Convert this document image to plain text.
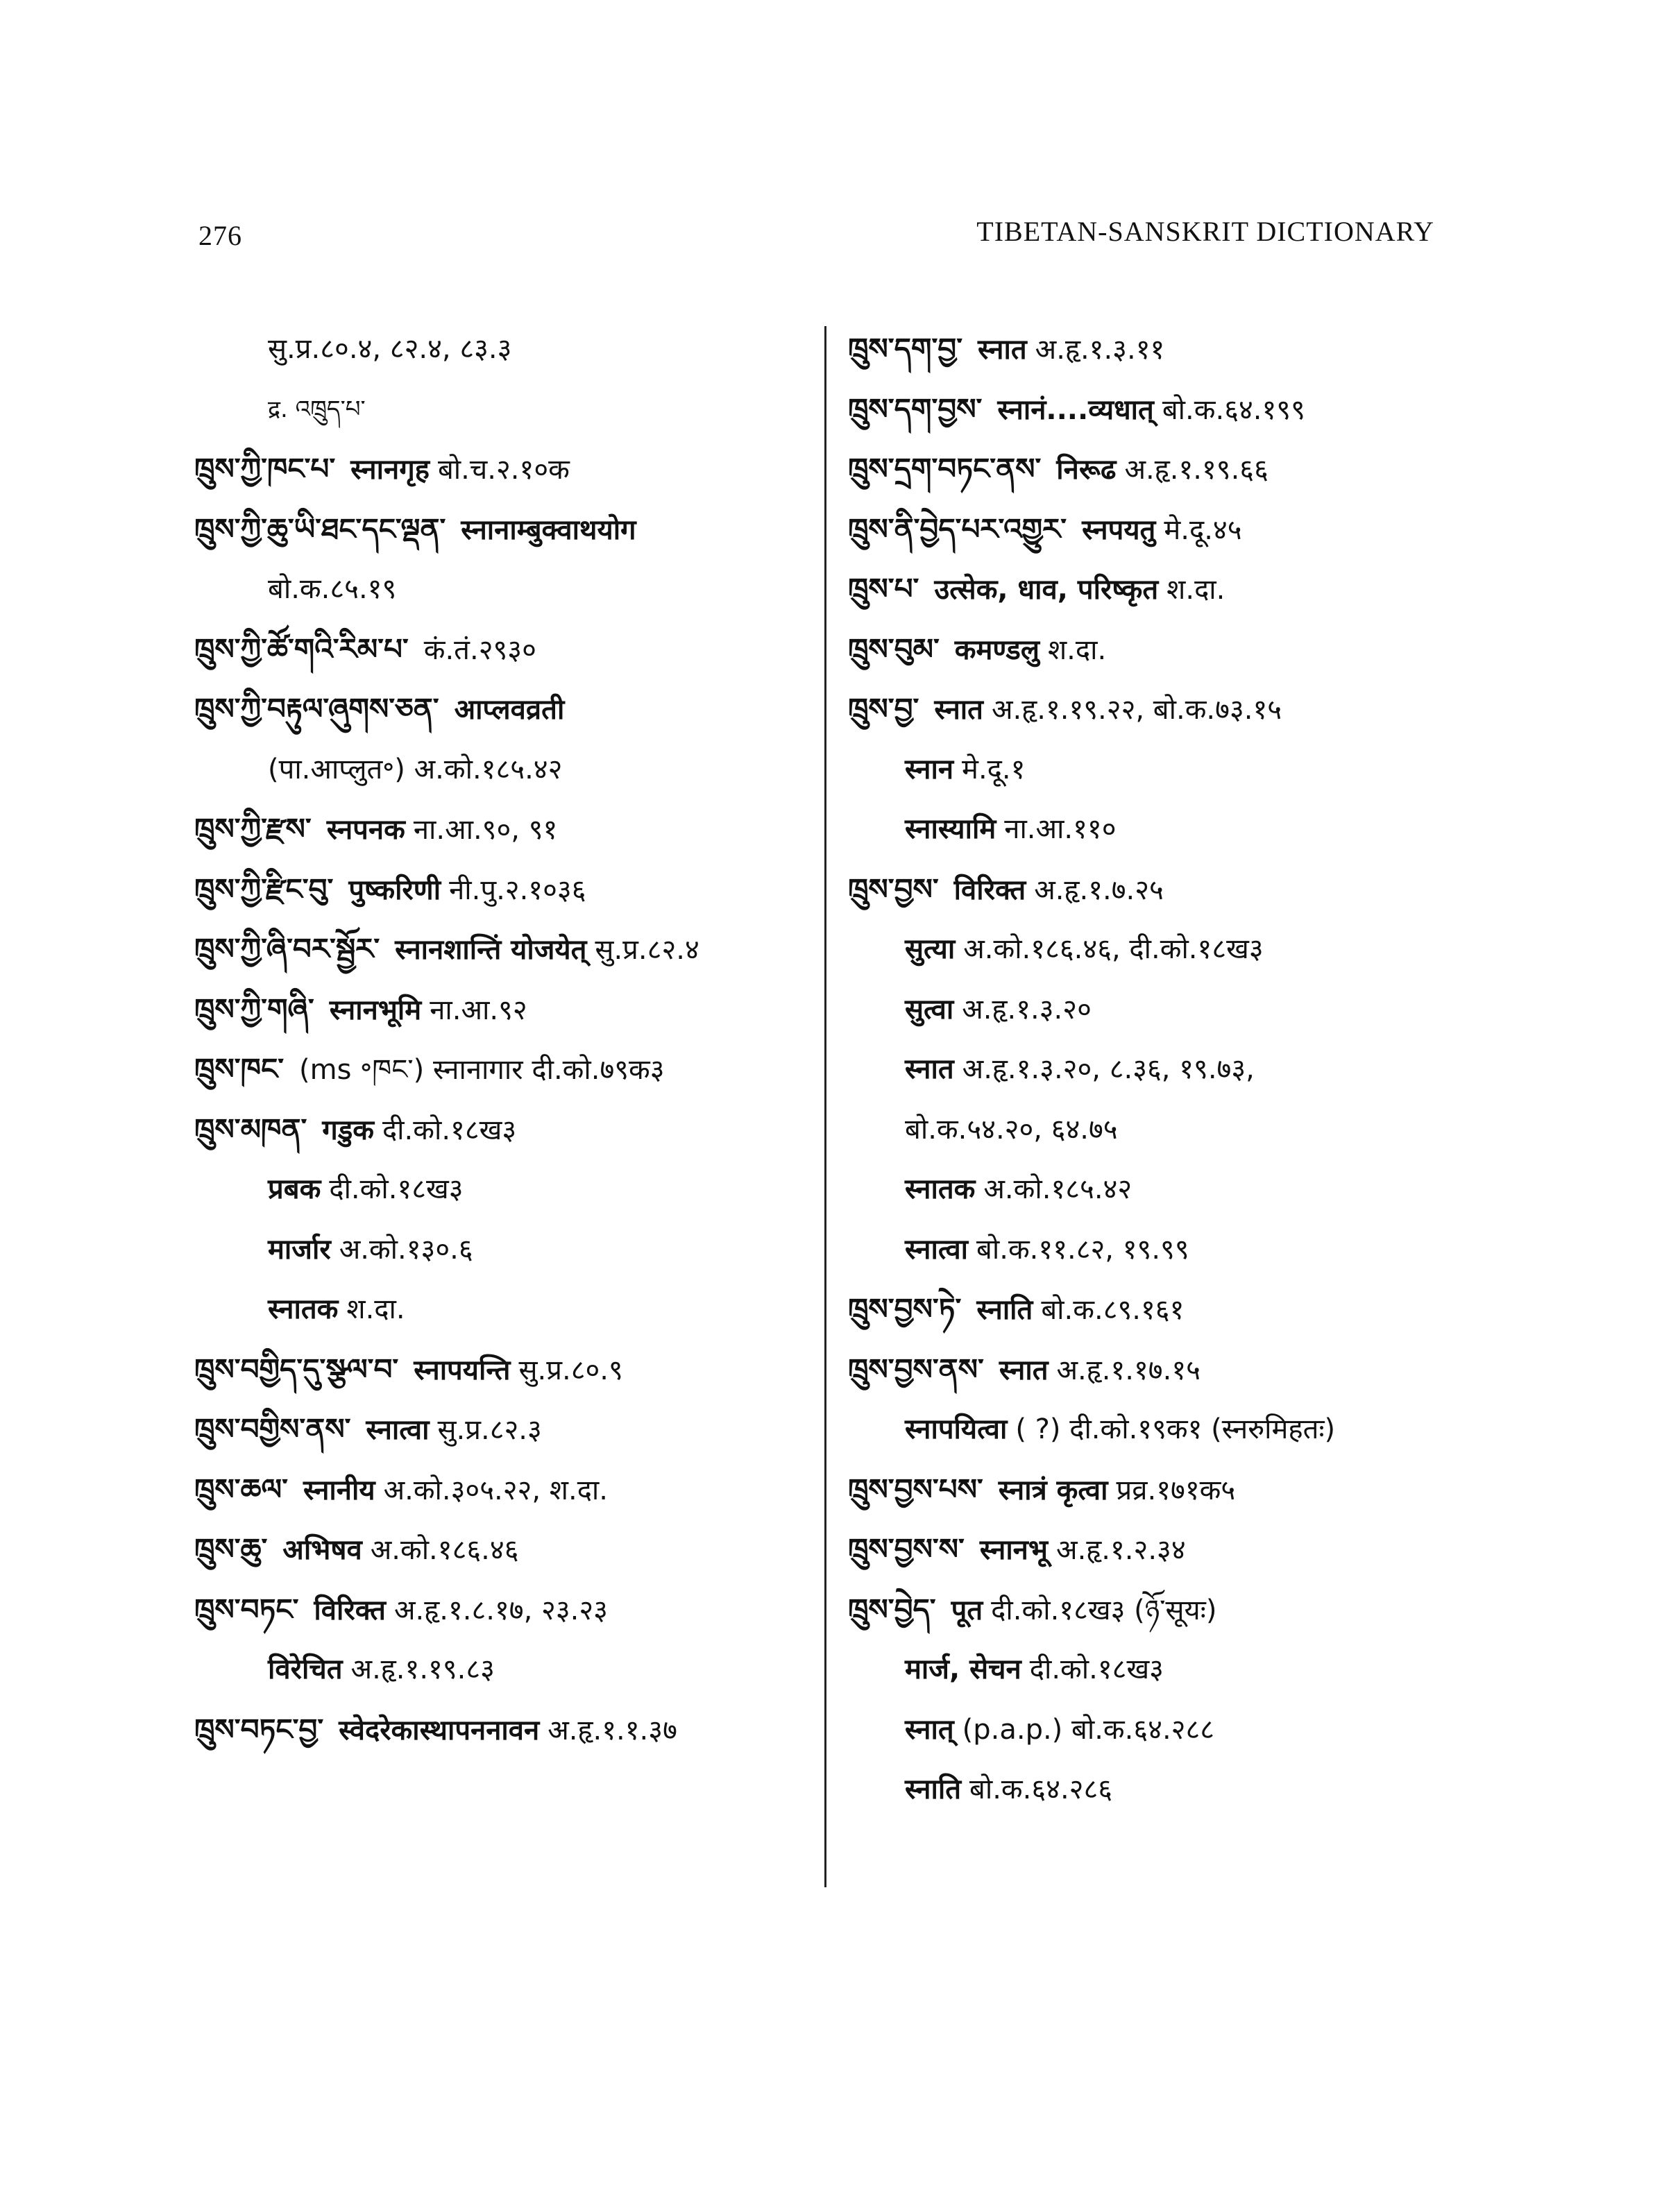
276	TIBETAN-SANSKRIT DICTIONARY
सु.प्र.८०.४, ८२.४, ८३.३
द्र. འཁྲུད་པ་
ཁྲུས་ཀྱི་ཁང་པ་ स्नानगृह बो.च.२.१०क
ཁྲུས་ཀྱི་ཆུ་ཡི་ཐང་དང་ལྡན་ स्नानाम्बुक्वाथयोग
बो.क.८५.१९
ཁྲུས་ཀྱི་ཚོ་གའི་རིམ་པ་ कं.तं.२९३०
ཁྲུས་ཀྱི་བརྟུལ་ཞུགས་ཅན་ आप्लवव्रती
(पा.आप्लुत॰) अ.को.१८५.४२
ཁྲུས་ཀྱི་རྫས་ स्नपनक ना.आ.९०, ९१
ཁྲུས་ཀྱི་རྫིང་བུ་ पुष्करिणी नी.पु.२.१०३६
ཁྲུས་ཀྱི་ཞི་བར་སྦྱོར་ स्नानशान्तिं योजयेत् सु.प्र.८२.४
ཁྲུས་ཀྱི་གཞི་ स्नानभूमि ना.आ.९२
ཁྲུས་ཁང་ (ms ॰ཁང་) स्नानागार दी.को.७९क३
ཁྲུས་མཁན་ गडुक दी.को.१८ख३
प्रबक दी.को.१८ख३
मार्जार अ.को.१३०.६
स्नातक श.दा.
ཁྲུས་བགྱིད་དུ་སྩལ་བ་ स्नापयन्ति सु.प्र.८०.९
ཁྲུས་བགྱིས་ནས་ स्नात्वा सु.प्र.८२.३
ཁྲུས་ཆལ་ स्नानीय अ.को.३०५.२२, श.दा.
ཁྲུས་ཆུ་ अभिषव अ.को.१८६.४६
ཁྲུས་བཏང་ विरिक्त अ.हृ.१.८.१७, २३.२३
विरेचित अ.हृ.१.१९.८३
ཁྲུས་བཏང་བྱ་ स्वेदरेकास्थापननावन अ.हृ.१.१.३७
ཁྲུས་དག་བྱ་ स्नात अ.हृ.१.३.११
ཁྲུས་དག་བྱས་ स्नानं....व्यधात् बो.क.६४.१९९
ཁྲུས་དྲག་བཏང་ནས་ निरूढ अ.हृ.१.१९.६६
ཁྲུས་ནི་བྱེད་པར་འགྱུར་ स्नपयतु मे.दू.४५
ཁྲུས་པ་ उत्सेक, धाव, परिष्कृत श.दा.
ཁྲུས་བུམ་ कमण्डलु श.दा.
ཁྲུས་བྱ་ स्नात अ.हृ.१.१९.२२, बो.क.७३.१५
स्नान मे.दू.१
स्नास्यामि ना.आ.११०
ཁྲུས་བྱས་ विरिक्त अ.हृ.१.७.२५
सुत्या अ.को.१८६.४६, दी.को.१८ख३
सुत्वा अ.हृ.१.३.२०
स्नात अ.हृ.१.३.२०, ८.३६, १९.७३,
बो.क.५४.२०, ६४.७५
स्नातक अ.को.१८५.४२
स्नात्वा बो.क.११.८२, १९.९९
ཁྲུས་བྱས་ཏེ་ स्नाति बो.क.८९.१६१
ཁྲུས་བྱས་ནས་ स्नात अ.हृ.१.१७.१५
स्नापयित्वा ( ?) दी.को.१९क१ (स्नरुमिहतः)
ཁྲུས་བྱས་པས་ स्नात्रं कृत्वा प्रव्र.१७१क५
ཁྲུས་བྱས་ས་ स्नानभू अ.हृ.१.२.३४
ཁྲུས་བྱེད་ पूत दी.को.१८ख३ (ཉོ་सूयः)
मार्ज, सेचन दी.को.१८ख३
स्नात् (p.a.p.) बो.क.६४.२८८
स्नाति बो.क.६४.२८६
